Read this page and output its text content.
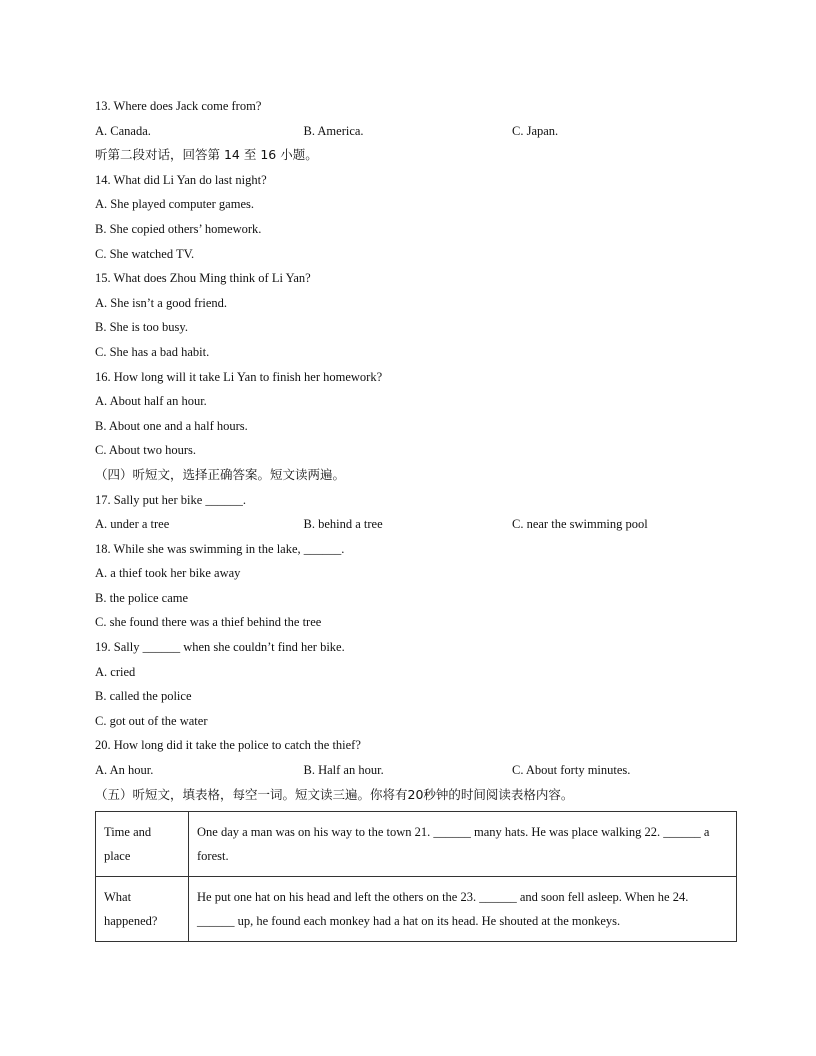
13. Where does Jack come from?
A. Canada.	B. America.	C. Japan.
听第二段对话，回答第 14 至 16 小题。
14. What did Li Yan do last night?
A. She played computer games.
B. She copied others’ homework.
C. She watched TV.
15. What does Zhou Ming think of Li Yan?
A. She isn’t a good friend.
B. She is too busy.
C. She has a bad habit.
16. How long will it take Li Yan to finish her homework?
A. About half an hour.
B. About one and a half hours.
C. About two hours.
（四）听短文，选择正确答案。短文读两遍。
17. Sally put her bike ______.
A. under a tree	B. behind a tree	C. near the swimming pool
18. While she was swimming in the lake, ______.
A. a thief took her bike away
B. the police came
C. she found there was a thief behind the tree
19. Sally ______ when she couldn’t find her bike.
A. cried
B. called the police
C. got out of the water
20. How long did it take the police to catch the thief?
A. An hour.	B. Half an hour.	C. About forty minutes.
（五）听短文，填表格，每空一词。短文读三遍。你将有20秒钟的时间阅读表格内容。
Time and place	One day a man was on his way to the town 21. ______ many hats. He was place walking 22. ______ a forest.
What happened?	He put one hat on his head and left the others on the 23. ______ and soon fell asleep. When he 24. ______ up, he found each monkey had a hat on its head. He shouted at the monkeys.
